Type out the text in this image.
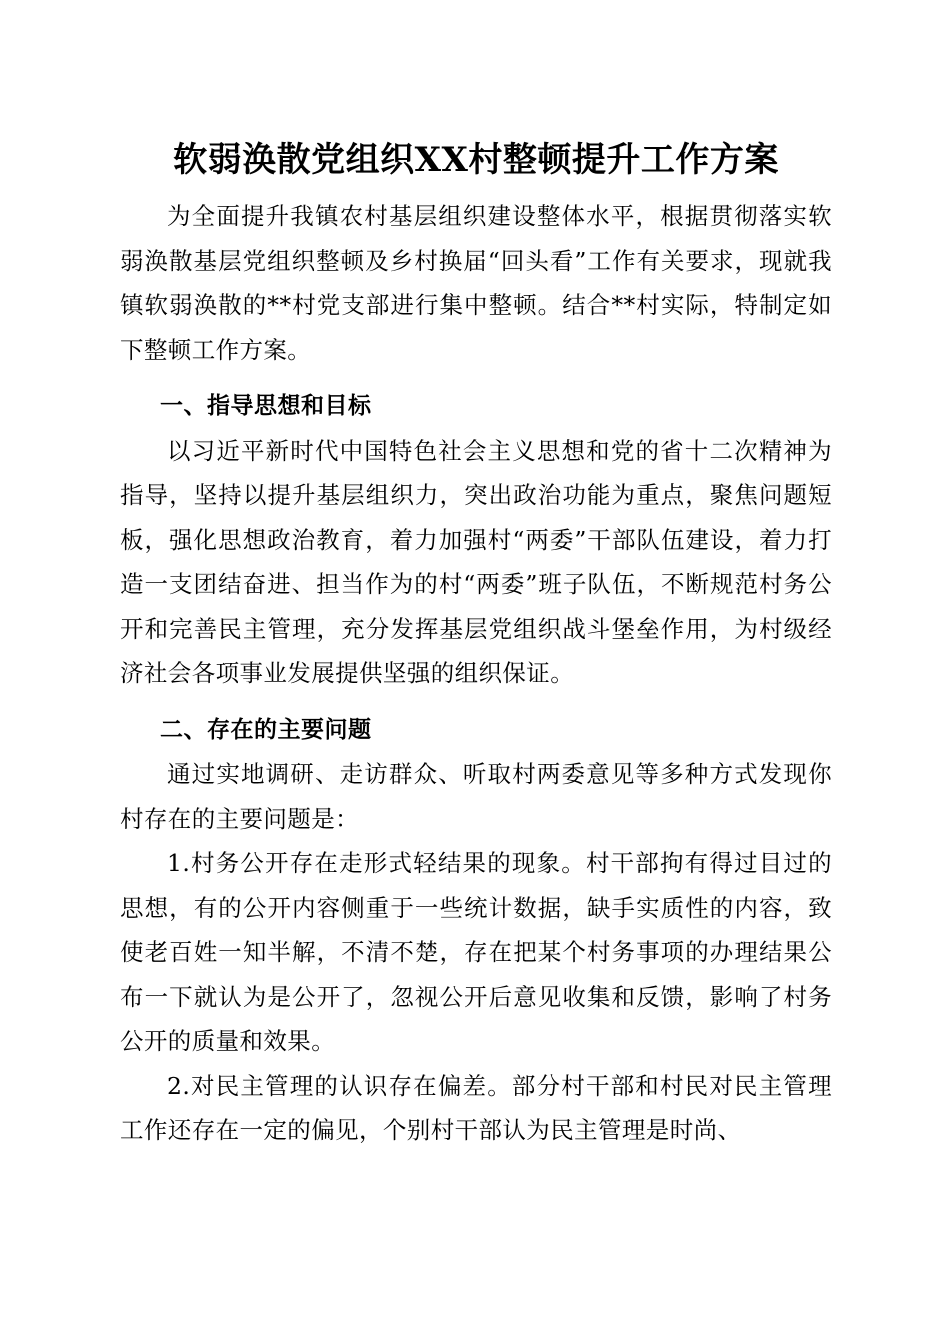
软弱涣散党组织XX村整顿提升工作方案

为全面提升我镇农村基层组织建设整体水平，根据贯彻落实软弱涣散基层党组织整顿及乡村换届“回头看”工作有关要求，现就我镇软弱涣散的**村党支部进行集中整顿。结合**村实际，特制定如下整顿工作方案。

一、指导思想和目标

以习近平新时代中国特色社会主义思想和党的省十二次精神为指导，坚持以提升基层组织力，突出政治功能为重点，聚焦问题短板，强化思想政治教育，着力加强村“两委”干部队伍建设，着力打造一支团结奋进、担当作为的村“两委”班子队伍，不断规范村务公开和完善民主管理，充分发挥基层党组织战斗堡垒作用，为村级经济社会各项事业发展提供坚强的组织保证。

二、存在的主要问题

通过实地调研、走访群众、听取村两委意见等多种方式发现你村存在的主要问题是：

1.村务公开存在走形式轻结果的现象。村干部拘有得过目过的思想，有的公开内容侧重于一些统计数据，缺手实质性的内容，致使老百姓一知半解，不清不楚，存在把某个村务事项的办理结果公布一下就认为是公开了，忽视公开后意见收集和反馈，影响了村务公开的质量和效果。

2.对民主管理的认识存在偏差。部分村干部和村民对民主管理工作还存在一定的偏见，个别村干部认为民主管理是时尚、
